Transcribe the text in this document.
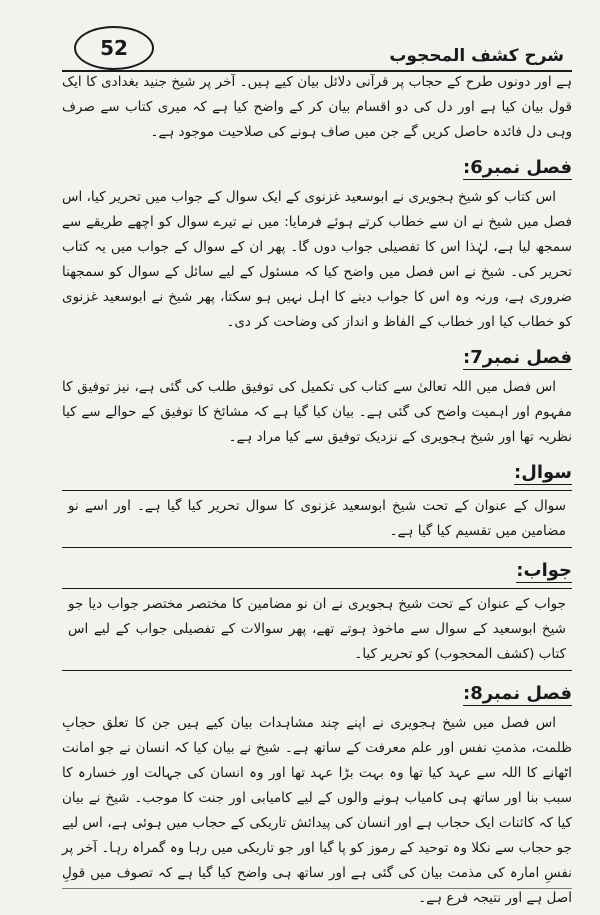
52	شرح کشف المحجوب

ہے اور دونوں طرح کے حجاب پر قرآنی دلائل بیان کیے ہیں۔ آخر پر شیخ جنید بغدادی کا ایک قول بیان کیا ہے اور دل کی دو اقسام بیان کر کے واضح کیا ہے کہ میری کتاب سے صرف وہی دل فائدہ حاصل کریں گے جن میں صاف ہونے کی صلاحیت موجود ہے۔

فصل نمبر6:

اس کتاب کو شیخ ہجویری نے ابوسعید غزنوی کے ایک سوال کے جواب میں تحریر کیا، اس فصل میں شیخ نے ان سے خطاب کرتے ہوئے فرمایا: میں نے تیرے سوال کو اچھے طریقے سے سمجھ لیا ہے، لہٰذا اس کا تفصیلی جواب دوں گا۔ پھر ان کے سوال کے جواب میں یہ کتاب تحریر کی۔ شیخ نے اس فصل میں واضح کیا کہ مسئول کے لیے سائل کے سوال کو سمجھنا ضروری ہے، ورنہ وہ اس کا جواب دینے کا اہل نہیں ہو سکتا، پھر شیخ نے ابوسعید غزنوی کو خطاب کیا اور خطاب کے الفاظ و انداز کی وضاحت کر دی۔

فصل نمبر7:

اس فصل میں اللہ تعالیٰ سے کتاب کی تکمیل کی توفیق طلب کی گئی ہے، نیز توفیق کا مفہوم اور اہمیت واضح کی گئی ہے۔ بیان کیا گیا ہے کہ مشائخ کا توفیق کے حوالے سے کیا نظریہ تھا اور شیخ ہجویری کے نزدیک توفیق سے کیا مراد ہے۔

سوال:

سوال کے عنوان کے تحت شیخ ابوسعید غزنوی کا سوال تحریر کیا گیا ہے۔ اور اسے نو مضامین میں تقسیم کیا گیا ہے۔

جواب:

جواب کے عنوان کے تحت شیخ ہجویری نے ان نو مضامین کا مختصر مختصر جواب دیا جو شیخ ابوسعید کے سوال سے ماخوذ ہوتے تھے، پھر سوالات کے تفصیلی جواب کے لیے اس کتاب (کشف المحجوب) کو تحریر کیا۔

فصل نمبر8:

اس فصل میں شیخ ہجویری نے اپنے چند مشاہدات بیان کیے ہیں جن کا تعلق حجابِ ظلمت، مذمتِ نفس اور علم معرفت کے ساتھ ہے۔ شیخ نے بیان کیا کہ انسان نے جو امانت اٹھانے کا اللہ سے عہد کیا تھا وہ بہت بڑا عہد تھا اور وہ انسان کی جہالت اور خسارہ کا سبب بنا اور ساتھ ہی کامیاب ہونے والوں کے لیے کامیابی اور جنت کا موجب۔ شیخ نے بیان کیا کہ کائنات ایک حجاب ہے اور انسان کی پیدائش تاریکی کے حجاب میں ہوئی ہے، اس لیے جو حجاب سے نکلا وہ توحید کے رموز کو پا گیا اور جو تاریکی میں رہا وہ گمراہ رہا۔ آخر پر نفسِ امارہ کی مذمت بیان کی گئی ہے اور ساتھ ہی واضح کیا گیا ہے کہ تصوف میں قولِ اصل ہے اور نتیجہ فرع ہے۔
